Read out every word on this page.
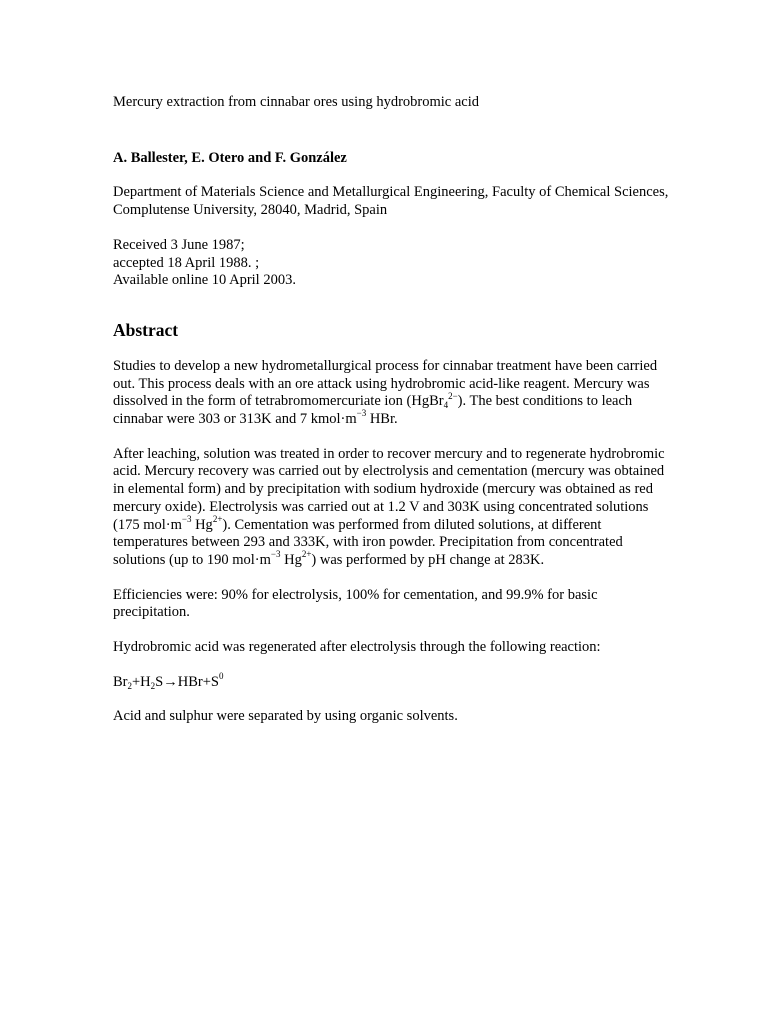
Mercury extraction from cinnabar ores using hydrobromic acid
A. Ballester, E. Otero and F. González
Department of Materials Science and Metallurgical Engineering, Faculty of Chemical Sciences, Complutense University, 28040, Madrid, Spain
Received 3 June 1987;
accepted 18 April 1988. ;
Available online 10 April 2003.
Abstract
Studies to develop a new hydrometallurgical process for cinnabar treatment have been carried out. This process deals with an ore attack using hydrobromic acid-like reagent. Mercury was dissolved in the form of tetrabromomercuriate ion (HgBr$_4^{2-}$). The best conditions to leach cinnabar were 303 or 313K and 7 $kmol\cdot m^{-3}$ HBr.
After leaching, solution was treated in order to recover mercury and to regenerate hydrobromic acid. Mercury recovery was carried out by electrolysis and cementation (mercury was obtained in elemental form) and by precipitation with sodium hydroxide (mercury was obtained as red mercury oxide). Electrolysis was carried out at 1.2 V and 303K using concentrated solutions (175 $mol\cdot m^{-3}$ $Hg^{2+}$). Cementation was performed from diluted solutions, at different temperatures between 293 and 333K, with iron powder. Precipitation from concentrated solutions (up to 190 $mol\cdot m^{-3}$ $Hg^{2+}$) was performed by pH change at 283K.
Efficiencies were: 90% for electrolysis, 100% for cementation, and 99.9% for basic precipitation.
Hydrobromic acid was regenerated after electrolysis through the following reaction:
$Br_2+H_2S\to HBr+S^0$
Acid and sulphur were separated by using organic solvents.
